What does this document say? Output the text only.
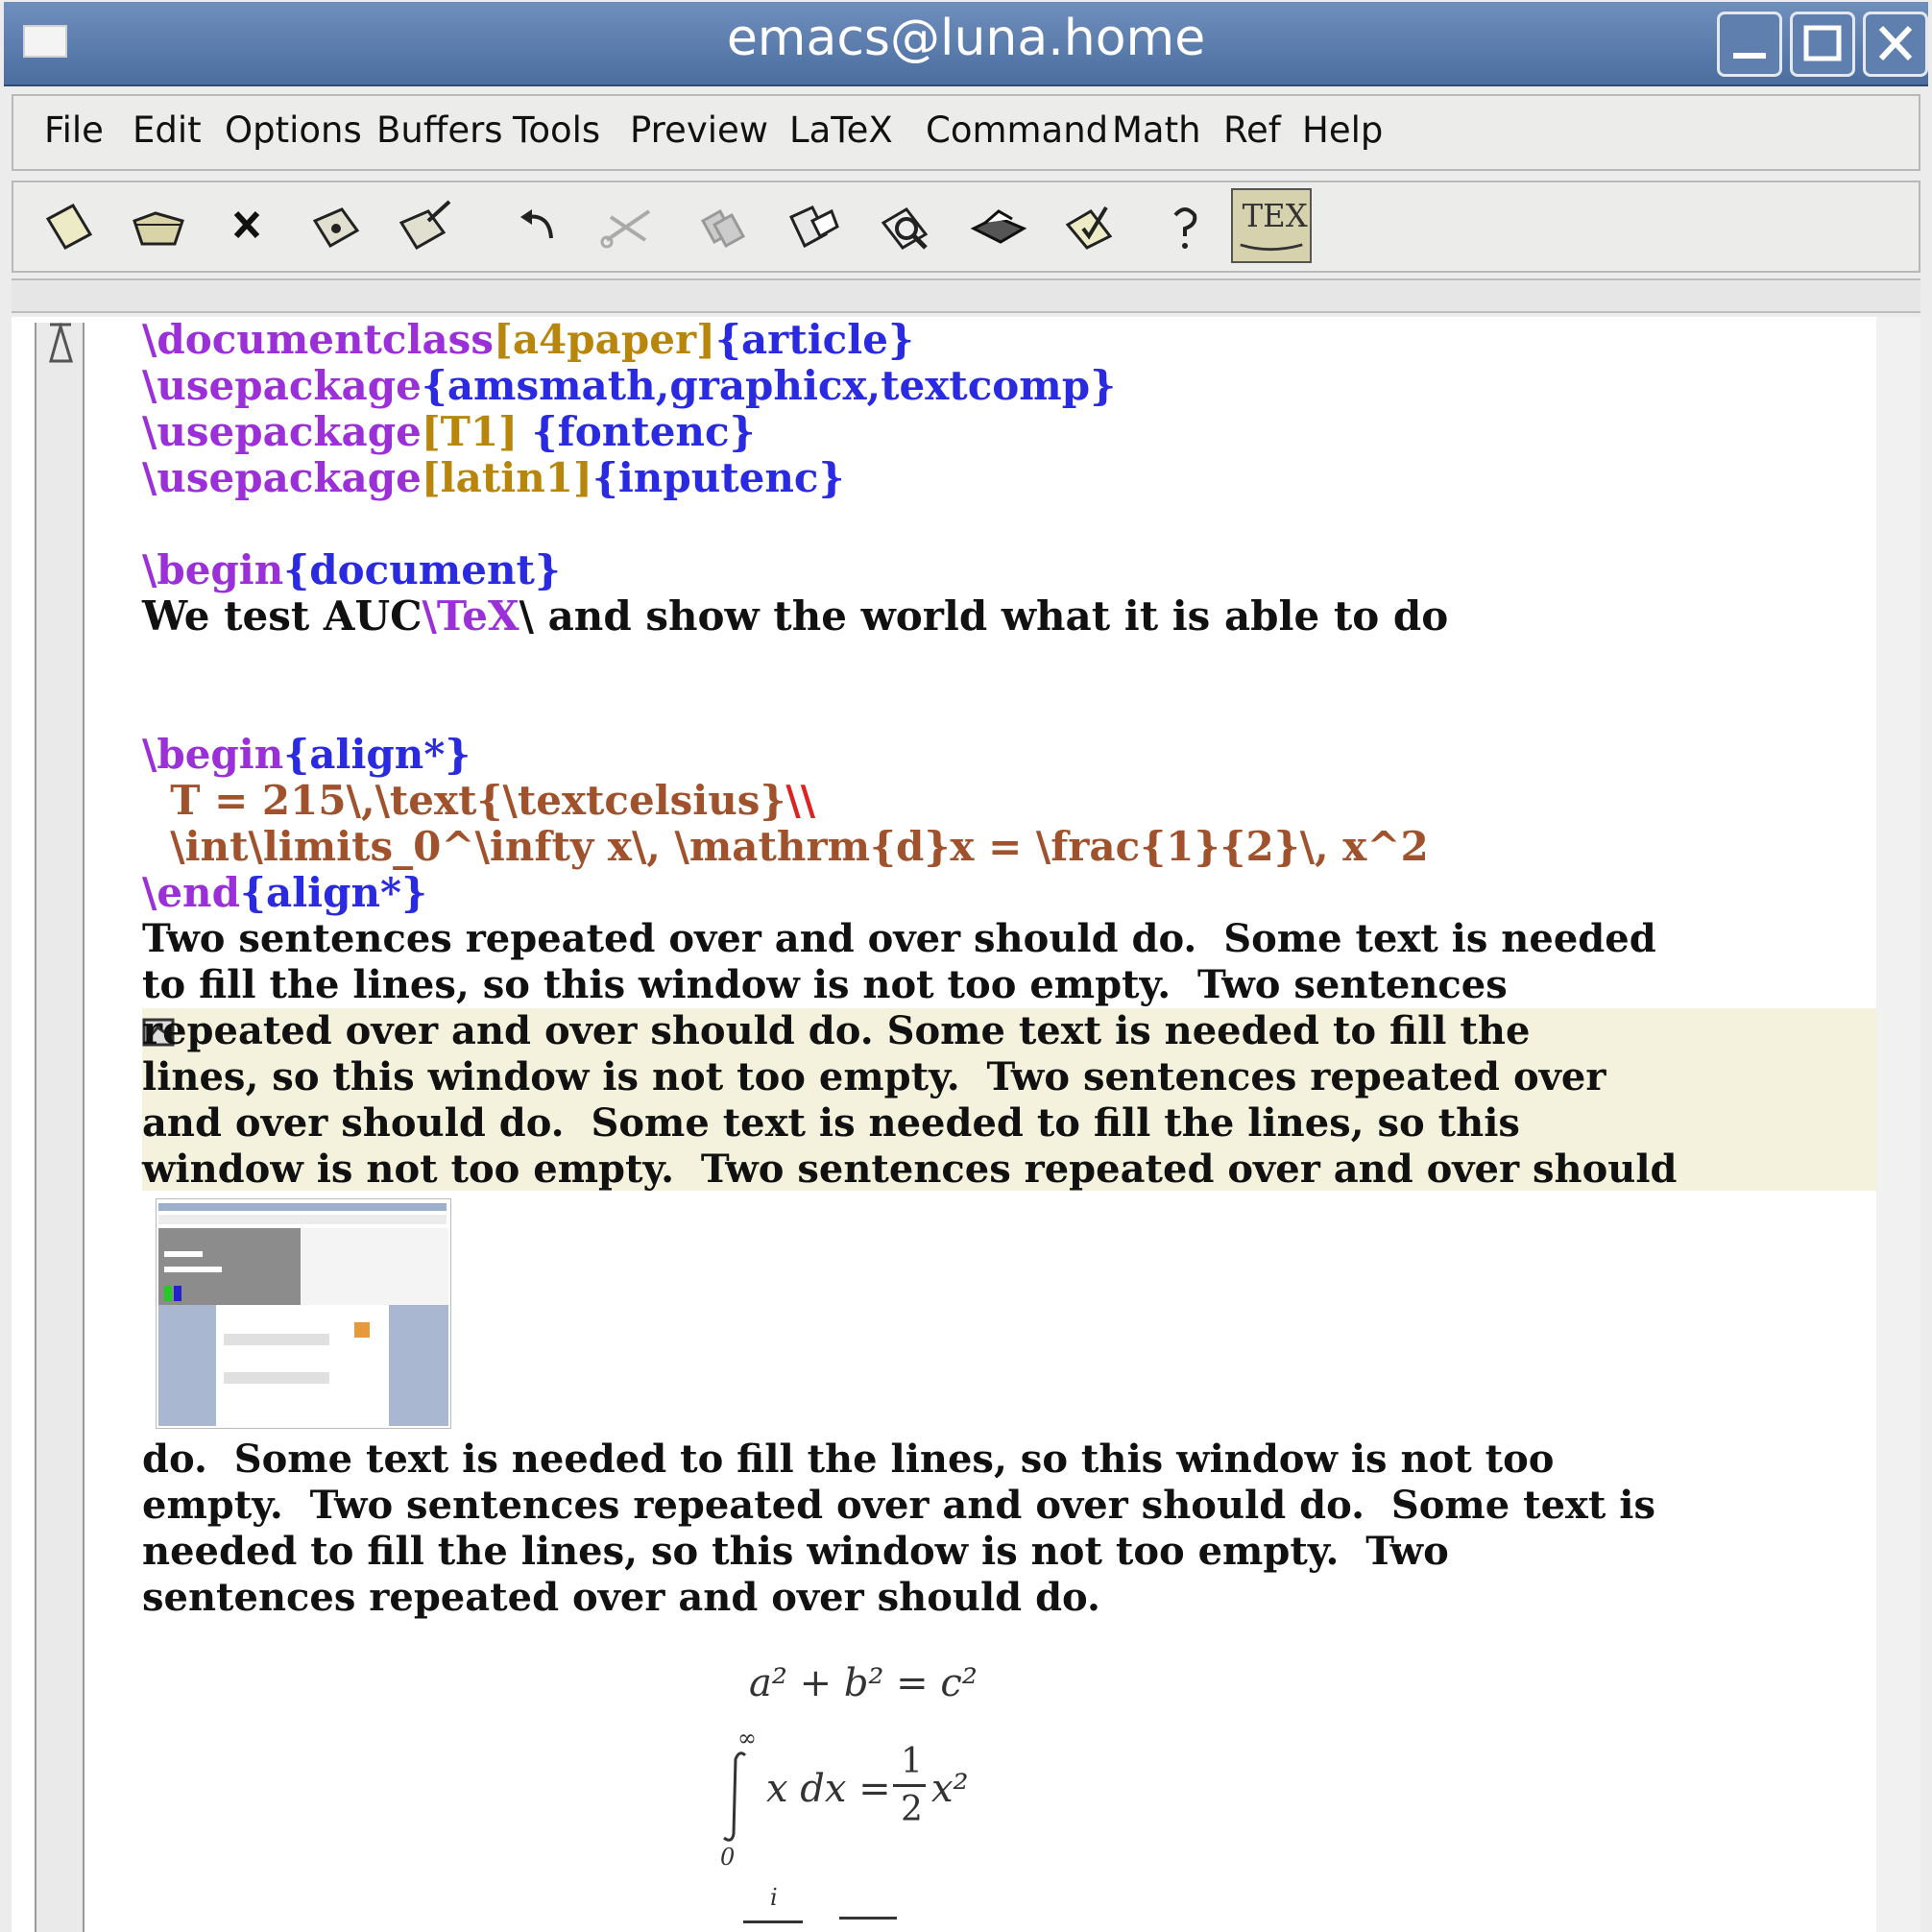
emacs@luna.home
File Edit Options Buffers Tools Preview LaTeX Command Math Ref Help
TEX
\documentclass[a4paper]{article}
\usepackage{amsmath,graphicx,textcomp}
\usepackage[T1] {fontenc}
\usepackage[latin1]{inputenc}
\begin{document}
We test AUC\TeX\ and show the world what it is able to do
\begin{align*}
T = 215\,\text{\textcelsius}\\
\int\limits_0^\infty x\, \mathrm{d}x = \frac{1}{2}\, x^2
\end{align*}
Two sentences repeated over and over should do.  Some text is needed
to fill the lines, so this window is not too empty.  Two sentences
repeated over and over should do. Some text is needed to fill the
lines, so this window is not too empty.  Two sentences repeated over
and over should do.  Some text is needed to fill the lines, so this
window is not too empty.  Two sentences repeated over and over should
do.  Some text is needed to fill the lines, so this window is not too
empty.  Two sentences repeated over and over should do.  Some text is
needed to fill the lines, so this window is not too empty.  Two
sentences repeated over and over should do.
a² + b² = c²
∞
0
x dx =
1
2 x²
i
